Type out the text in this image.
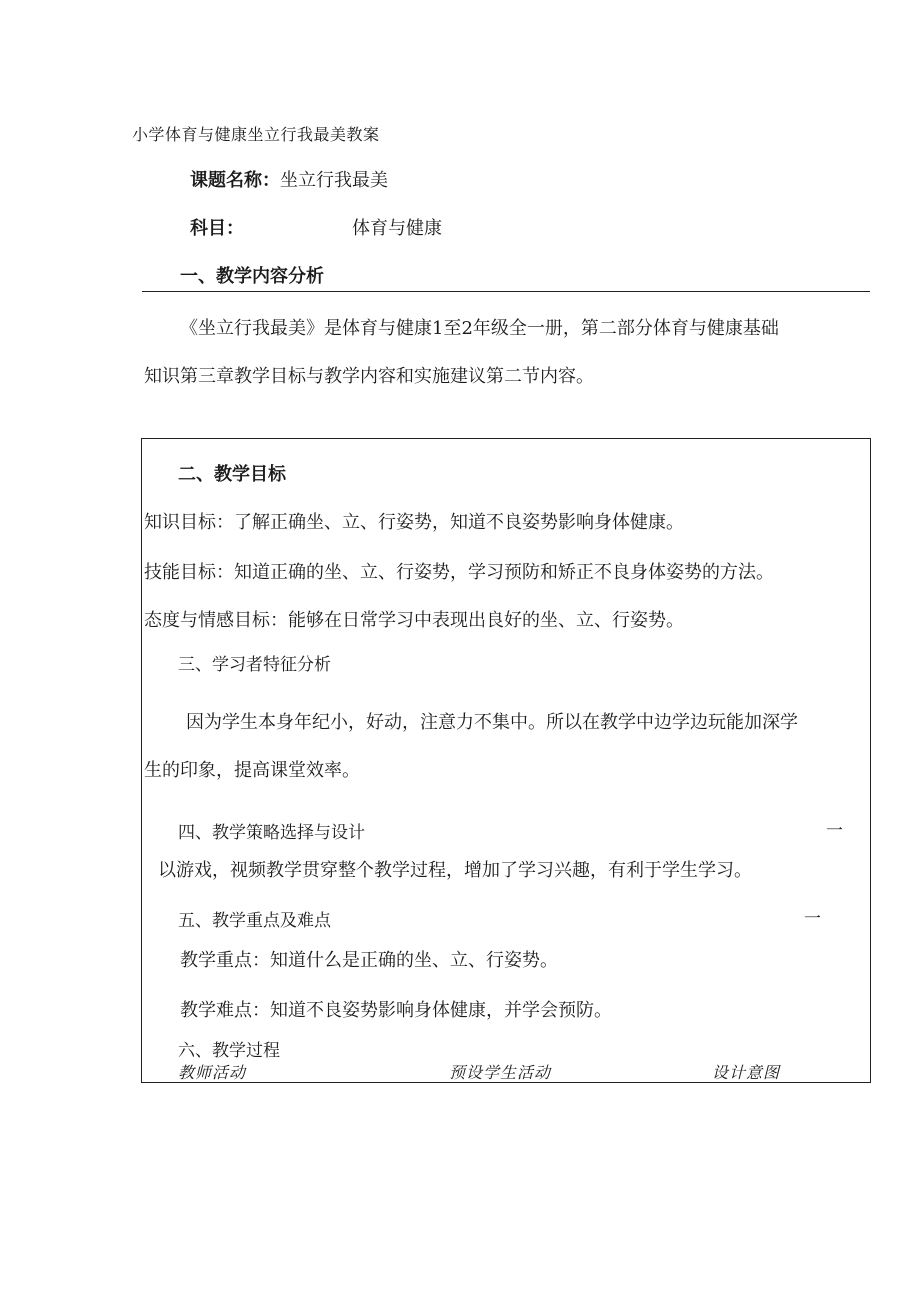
小学体育与健康坐立行我最美教案
课题名称：坐立行我最美
科目：	体育与健康
一、教学内容分析
《坐立行我最美》是体育与健康1至2年级全一册，第二部分体育与健康基础
知识第三章教学目标与教学内容和实施建议第二节内容。
二、教学目标
知识目标：了解正确坐、立、行姿势，知道不良姿势影响身体健康。
技能目标：知道正确的坐、立、行姿势，学习预防和矫正不良身体姿势的方法。
态度与情感目标：能够在日常学习中表现出良好的坐、立、行姿势。
三、学习者特征分析
因为学生本身年纪小，好动，注意力不集中。所以在教学中边学边玩能加深学
生的印象，提高课堂效率。
四、教学策略选择与设计	一
以游戏，视频教学贯穿整个教学过程，增加了学习兴趣，有利于学生学习。
五、教学重点及难点	一
教学重点：知道什么是正确的坐、立、行姿势。
教学难点：知道不良姿势影响身体健康，并学会预防。
六、教学过程
教师活动	预设学生活动	设计意图
